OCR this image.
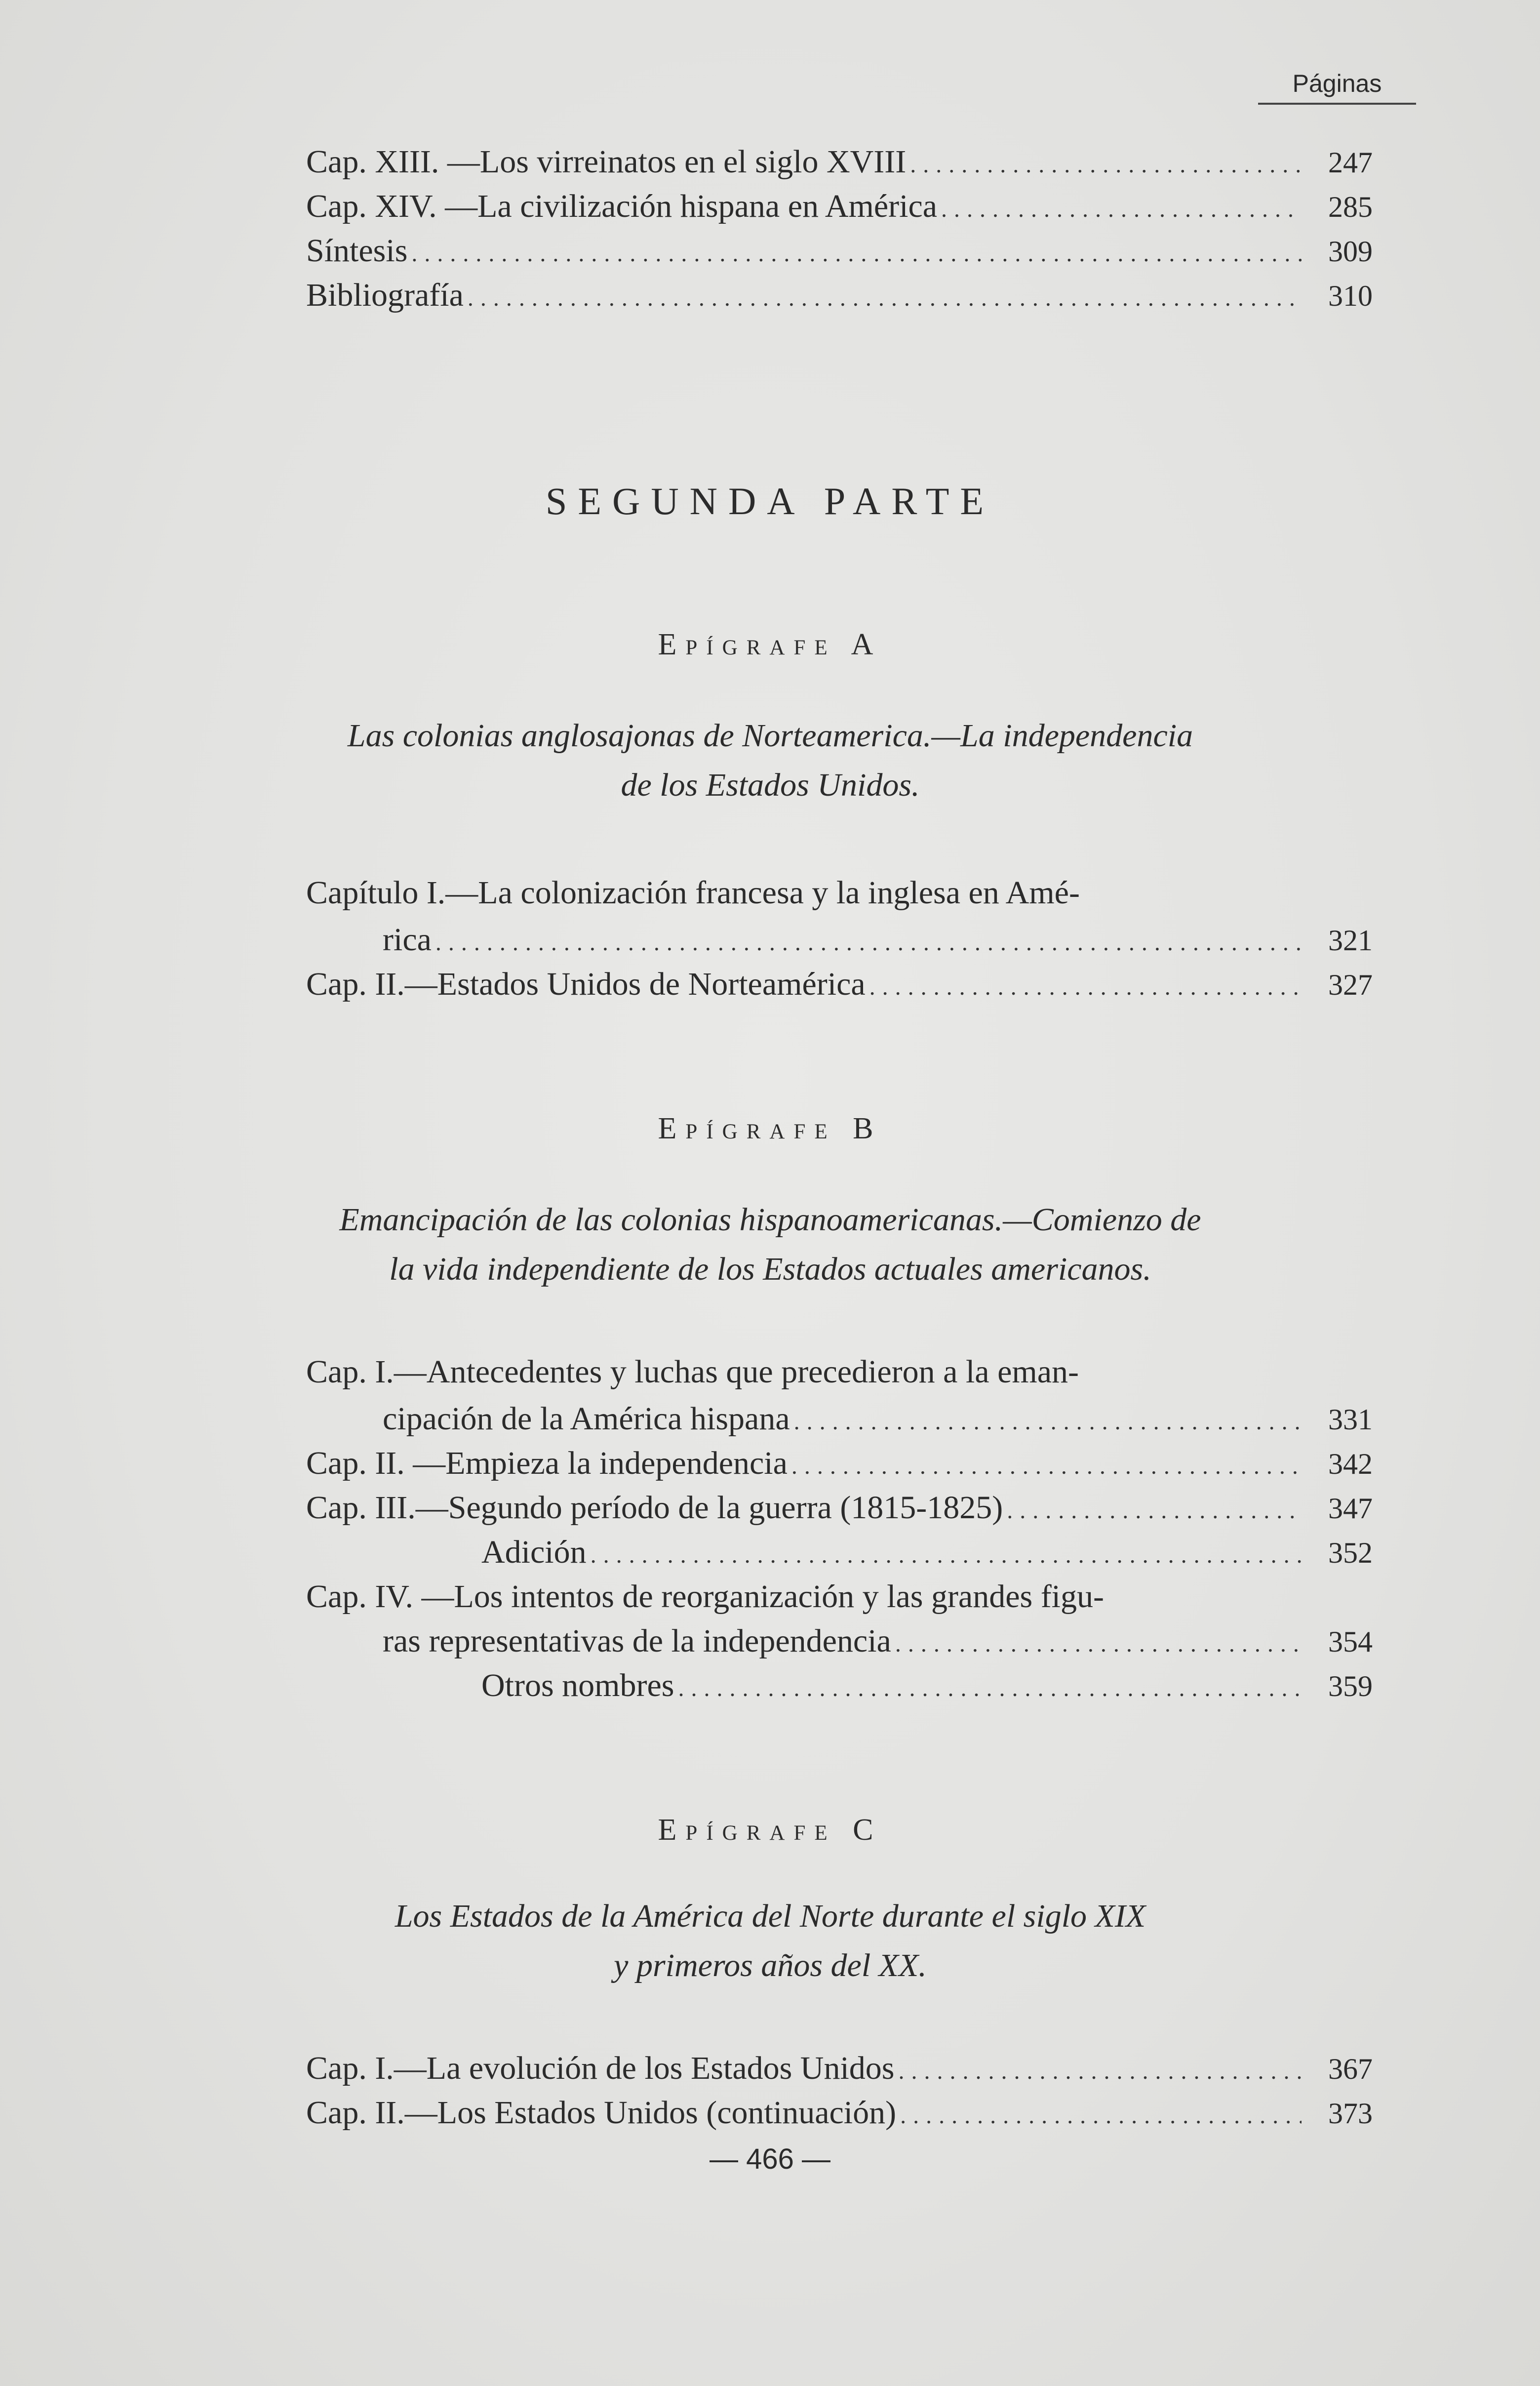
Páginas
Cap. XIII. —Los virreinatos en el siglo XVIII .....	247
Cap. XIV. —La civilización hispana en América .....	285
Síntesis .....	309
Bibliografía .....	310
SEGUNDA PARTE
Epígrafe A
Las colonias anglosajonas de Norteamerica.—La independencia
de los Estados Unidos.
Capítulo I.—La colonización francesa y la inglesa en Amé-
rica .....	321
Cap. II.—Estados Unidos de Norteamérica .....	327
Epígrafe B
Emancipación de las colonias hispanoamericanas.—Comienzo de
la vida independiente de los Estados actuales americanos.
Cap. I.—Antecedentes y luchas que precedieron a la eman-
cipación de la América hispana .....	331
Cap. II. —Empieza la independencia .....	342
Cap. III.—Segundo período de la guerra (1815-1825) .....	347
Adición .....	352
Cap. IV. —Los intentos de reorganización y las grandes figu-
ras representativas de la independencia .....	354
Otros nombres .....	359
Epígrafe C
Los Estados de la América del Norte durante el siglo XIX
y primeros años del XX.
Cap. I.—La evolución de los Estados Unidos .....	367
Cap. II.—Los Estados Unidos (continuación) .....	373
— 466 —
